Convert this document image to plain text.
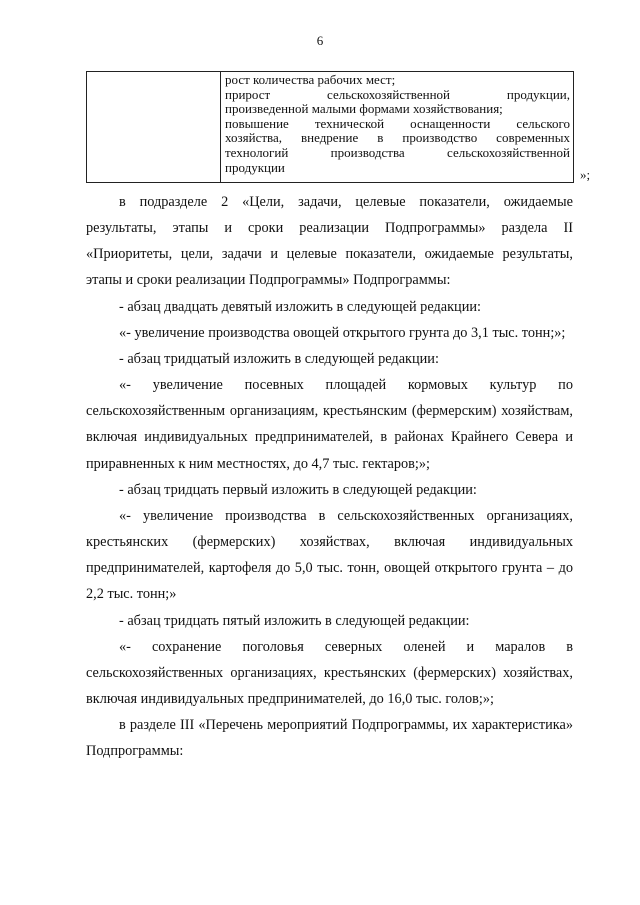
6
рост количества рабочих мест;
прирост сельскохозяйственной продукции,
произведенной малыми формами хозяйствования;
повышение технической оснащенности сельского
хозяйства, внедрение в производство современных
технологий производства сельскохозяйственной
продукции	»;

в подразделе 2 «Цели, задачи, целевые показатели, ожидаемые результаты, этапы и сроки реализации Подпрограммы» раздела II «Приоритеты, цели, задачи и целевые показатели, ожидаемые результаты, этапы и сроки реализации Подпрограммы» Подпрограммы:

- абзац двадцать девятый изложить в следующей редакции:

«- увеличение производства овощей открытого грунта до 3,1 тыс. тонн;»;

- абзац тридцатый изложить в следующей редакции:

«- увеличение посевных площадей кормовых культур по сельскохозяйственным организациям, крестьянским (фермерским) хозяйствам, включая индивидуальных предпринимателей, в районах Крайнего Севера и приравненных к ним местностях, до 4,7 тыс. гектаров;»;

- абзац тридцать первый изложить в следующей редакции:

«- увеличение производства в сельскохозяйственных организациях, крестьянских (фермерских) хозяйствах, включая индивидуальных предпринимателей, картофеля до 5,0 тыс. тонн, овощей открытого грунта – до 2,2 тыс. тонн;»

- абзац тридцать пятый изложить в следующей редакции:

«- сохранение поголовья северных оленей и маралов в сельскохозяйственных организациях, крестьянских (фермерских) хозяйствах, включая индивидуальных предпринимателей, до 16,0 тыс. голов;»;

в разделе III «Перечень мероприятий Подпрограммы, их характеристика» Подпрограммы:
